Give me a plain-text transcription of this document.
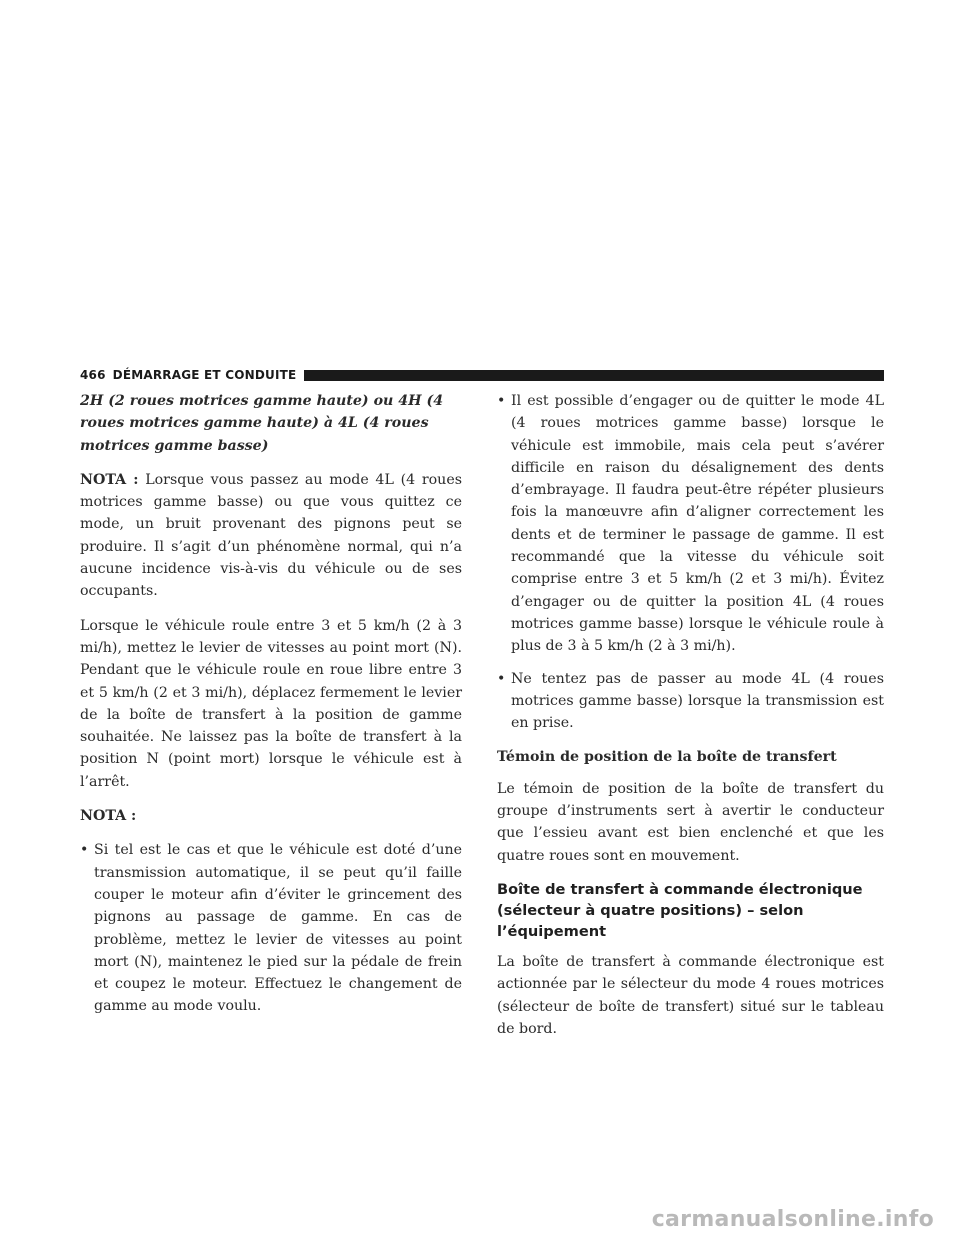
466 DÉMARRAGE ET CONDUITE

2H (2 roues motrices gamme haute) ou 4H (4 roues motrices gamme haute) à 4L (4 roues motrices gamme basse)

NOTA : Lorsque vous passez au mode 4L (4 roues motrices gamme basse) ou que vous quittez ce mode, un bruit provenant des pignons peut se produire. Il s’agit d’un phénomène normal, qui n’a aucune incidence vis-à-vis du véhicule ou de ses occupants.

Lorsque le véhicule roule entre 3 et 5 km/h (2 à 3 mi/h), mettez le levier de vitesses au point mort (N). Pendant que le véhicule roule en roue libre entre 3 et 5 km/h (2 et 3 mi/h), déplacez fermement le levier de la boîte de transfert à la position de gamme souhaitée. Ne laissez pas la boîte de transfert à la position N (point mort) lorsque le véhicule est à l’arrêt.

NOTA :

• Si tel est le cas et que le véhicule est doté d’une transmission automatique, il se peut qu’il faille couper le moteur afin d’éviter le grincement des pignons au passage de gamme. En cas de problème, mettez le levier de vitesses au point mort (N), maintenez le pied sur la pédale de frein et coupez le moteur. Effectuez le changement de gamme au mode voulu.
• Il est possible d’engager ou de quitter le mode 4L (4 roues motrices gamme basse) lorsque le véhicule est immobile, mais cela peut s’avérer difficile en raison du désalignement des dents d’embrayage. Il faudra peut-être répéter plusieurs fois la manœuvre afin d’aligner correctement les dents et de terminer le passage de gamme. Il est recommandé que la vitesse du véhicule soit comprise entre 3 et 5 km/h (2 et 3 mi/h). Évitez d’engager ou de quitter la position 4L (4 roues motrices gamme basse) lorsque le véhicule roule à plus de 3 à 5 km/h (2 à 3 mi/h).
• Ne tentez pas de passer au mode 4L (4 roues motrices gamme basse) lorsque la transmission est en prise.

Témoin de position de la boîte de transfert

Le témoin de position de la boîte de transfert du groupe d’instruments sert à avertir le conducteur que l’essieu avant est bien enclenché et que les quatre roues sont en mouvement.

Boîte de transfert à commande électronique (sélecteur à quatre positions) – selon l’équipement

La boîte de transfert à commande électronique est actionnée par le sélecteur du mode 4 roues motrices (sélecteur de boîte de transfert) situé sur le tableau de bord.

carmanualsonline.info
